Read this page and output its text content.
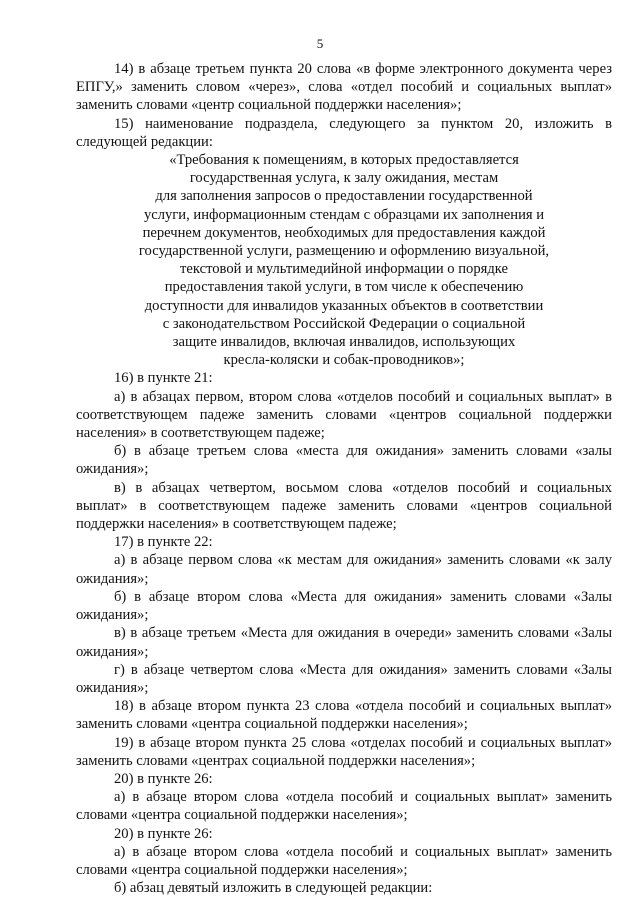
5

14) в абзаце третьем пункта 20 слова «в форме электронного документа через ЕПГУ,» заменить словом «через», слова «отдел пособий и социальных выплат» заменить словами «центр социальной поддержки населения»;

15) наименование подраздела, следующего за пунктом 20, изложить в следующей редакции:

«Требования к помещениям, в которых предоставляется
государственная услуга, к залу ожидания, местам
для заполнения запросов о предоставлении государственной
услуги, информационным стендам с образцами их заполнения и
перечнем документов, необходимых для предоставления каждой
государственной услуги, размещению и оформлению визуальной,
текстовой и мультимедийной информации о порядке
предоставления такой услуги, в том числе к обеспечению
доступности для инвалидов указанных объектов в соответствии
с законодательством Российской Федерации о социальной
защите инвалидов, включая инвалидов, использующих
кресла-коляски и собак-проводников»;

16) в пункте 21:

а) в абзацах первом, втором слова «отделов пособий и социальных выплат» в соответствующем падеже заменить словами «центров социальной поддержки населения» в соответствующем падеже;

б) в абзаце третьем слова «места для ожидания» заменить словами «залы ожидания»;

в) в абзацах четвертом, восьмом слова «отделов пособий и социальных выплат» в соответствующем падеже заменить словами «центров социальной поддержки населения» в соответствующем падеже;

17) в пункте 22:

а) в абзаце первом слова «к местам для ожидания» заменить словами «к залу ожидания»;

б) в абзаце втором слова «Места для ожидания» заменить словами «Залы ожидания»;

в) в абзаце третьем «Места для ожидания в очереди» заменить словами «Залы ожидания»;

г) в абзаце четвертом слова «Места для ожидания» заменить словами «Залы ожидания»;

18) в абзаце втором пункта 23 слова «отдела пособий и социальных выплат» заменить словами «центра социальной поддержки населения»;

19) в абзаце втором пункта 25 слова «отделах пособий и социальных выплат» заменить словами «центрах социальной поддержки населения»;

20) в пункте 26:

а) в абзаце втором слова «отдела пособий и социальных выплат» заменить словами «центра социальной поддержки населения»;

20) в пункте 26:

а) в абзаце втором слова «отдела пособий и социальных выплат» заменить словами «центра социальной поддержки населения»;

б) абзац девятый изложить в следующей редакции:
